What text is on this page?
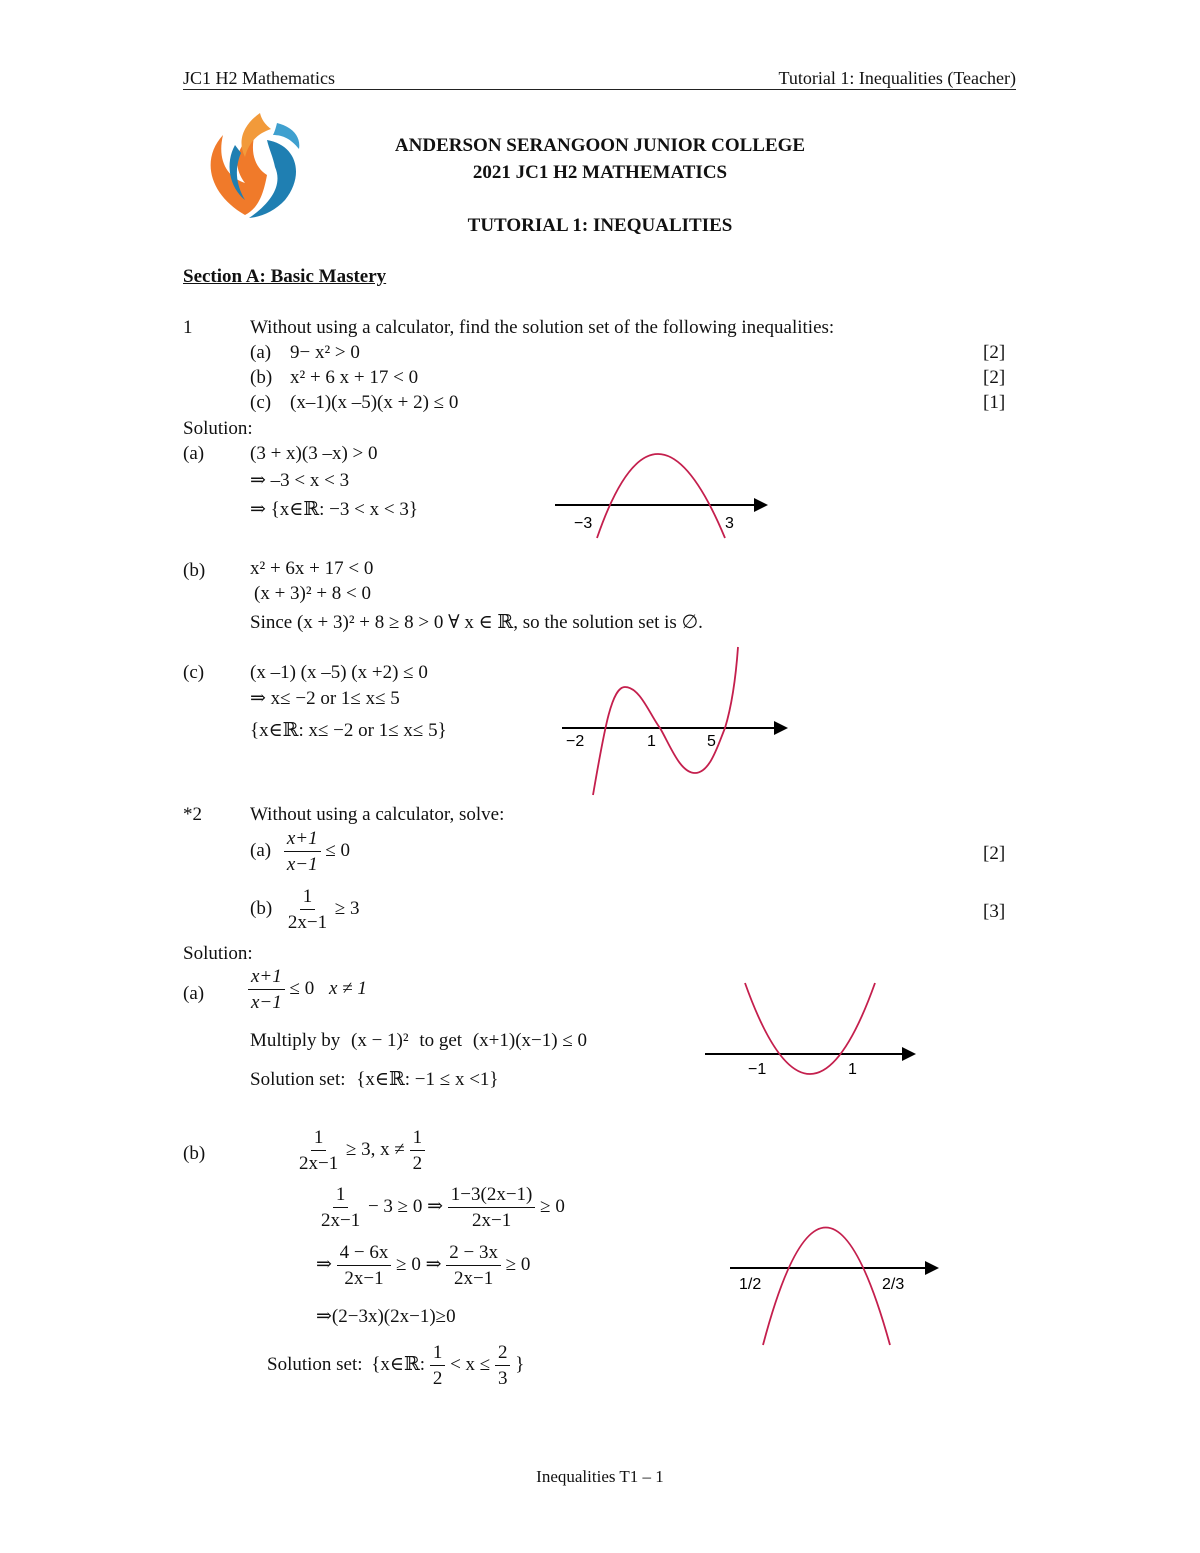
JC1 H2 Mathematics	Tutorial 1: Inequalities (Teacher)
ANDERSON SERANGOON JUNIOR COLLEGE
2021 JC1 H2 MATHEMATICS
TUTORIAL 1: INEQUALITIES
Section A: Basic Mastery
1	Without using a calculator, find the solution set of the following inequalities:
(a) 9− x² > 0	[2]
(b) x² + 6 x + 17 < 0	[2]
(c) (x–1)(x –5)(x + 2) ≤ 0	[1]
Solution:
(a) (3 + x)(3 –x) > 0
⇒ –3 < x < 3
⇒ {x∈ℝ: −3 < x < 3}
−3	3
(b) x² + 6x + 17 < 0
(x + 3)² + 8 < 0
Since (x + 3)² + 8 ≥ 8 > 0 ∀ x ∈ ℝ, so the solution set is ∅.
(c) (x –1) (x –5) (x +2) ≤ 0
⇒ x≤ −2 or 1≤ x≤ 5
{x∈ℝ: x≤ −2 or 1≤ x≤ 5}
−2	1	5
*2	Without using a calculator, solve:
$(a) \frac{x+1}{x-1} \le 0$	[2]
$(b) \frac{1}{2x-1} \ge 3$	[3]
Solution:
$(a) \frac{x+1}{x-1} \le 0$ x ≠ 1
Multiply by (x − 1)² to get (x+1)(x−1) ≤ 0
Solution set: {x∈ℝ: −1 ≤ x <1}	−1	1
(b)	$\frac{1}{2x-1} \ge 3$, $x \ne \frac{1}{2}$
$\frac{1}{2x-1} - 3 \ge 0$ ⇒ $\frac{1-3(2x-1)}{2x-1} \ge 0$
⇒ $\frac{4 - 6x}{2x-1} \ge 0$ ⇒ $\frac{2 - 3x}{2x-1} \ge 0$
⇒(2−3x)(2x−1)≥0
Solution set: {x∈ℝ: $\frac{1}{2} < x \le \frac{2}{3}$ }
1/2	2/3
Inequalities T1 – 1
